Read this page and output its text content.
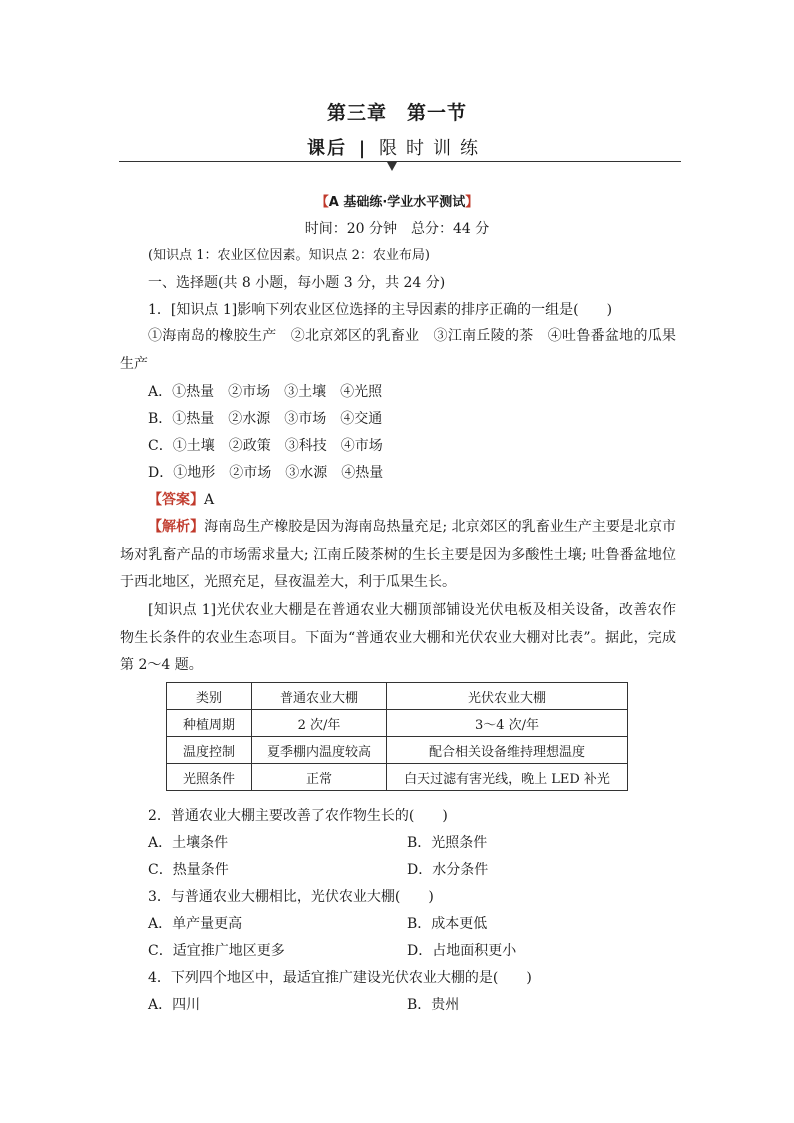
第三章　第一节
课后 | 限时训练
【A 基础练·学业水平测试】
时间：20 分钟　总分：44 分
(知识点 1：农业区位因素。知识点 2：农业布局)
一、选择题(共 8 小题，每小题 3 分，共 24 分)
1．[知识点 1]影响下列农业区位选择的主导因素的排序正确的一组是(　　)
①海南岛的橡胶生产　②北京郊区的乳畜业　③江南丘陵的茶　④吐鲁番盆地的瓜果生产
A．①热量　②市场　③土壤　④光照
B．①热量　②水源　③市场　④交通
C．①土壤　②政策　③科技　④市场
D．①地形　②市场　③水源　④热量
【答案】A
【解析】海南岛生产橡胶是因为海南岛热量充足; 北京郊区的乳畜业生产主要是北京市场对乳畜产品的市场需求量大; 江南丘陵茶树的生长主要是因为多酸性土壤; 吐鲁番盆地位于西北地区，光照充足，昼夜温差大，利于瓜果生长。
[知识点 1]光伏农业大棚是在普通农业大棚顶部铺设光伏电板及相关设备，改善农作物生长条件的农业生态项目。下面为“普通农业大棚和光伏农业大棚对比表”。据此，完成第 2～4 题。
类别	普通农业大棚	光伏农业大棚
种植周期	2 次/年	3～4 次/年
温度控制	夏季棚内温度较高	配合相关设备维持理想温度
光照条件	正常	白天过滤有害光线，晚上 LED 补光
2．普通农业大棚主要改善了农作物生长的(　　)
A．土壤条件	B．光照条件
C．热量条件	D．水分条件
3．与普通农业大棚相比，光伏农业大棚(　　)
A．单产量更高	B．成本更低
C．适宜推广地区更多	D．占地面积更小
4．下列四个地区中，最适宜推广建设光伏农业大棚的是(　　)
A．四川	B．贵州
